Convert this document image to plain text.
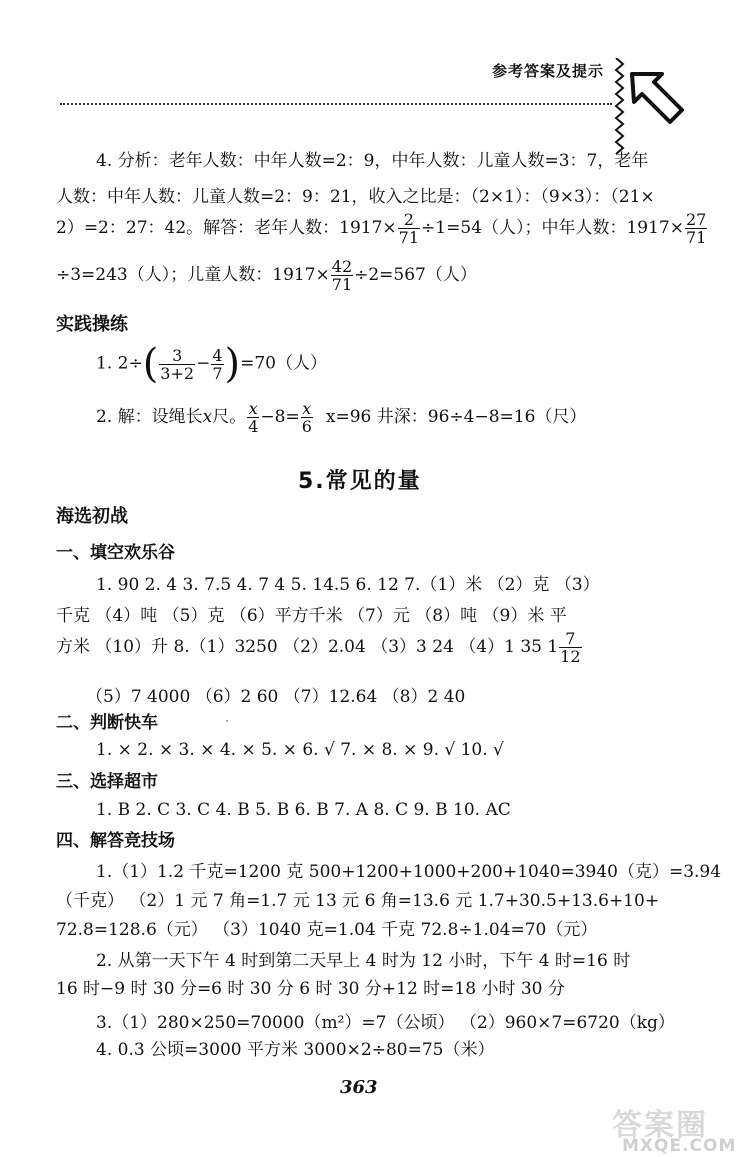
参考答案及提示
4. 分析：老年人数：中年人数=2：9，中年人数：儿童人数=3：7，老年
人数：中年人数：儿童人数=2：9：21，收入之比是：（2×1）：（9×3）：（21×
2）=2：27：42。解答：老年人数：$1917\times \frac{2}{71} \div 1=54$（人）；中年人数：$1917\times \frac{27}{71}$
÷3=243（人）；儿童人数：$1917\times \frac{42}{71} \div 2=567$（人）
实践操练
1. $2\div( \frac{3}{3+2} - \frac{4}{7} )=70$（人）
2. 解：设绳长x尺。 $\frac{x}{4} -8= \frac{x}{6} x=96$ 井深：96÷4−8=16（尺）
5.常见的量
海选初战
一、填空欢乐谷
1. 90 2. 4 3. 7.5 4. 7 4 5. 14.5 6. 12 7.（1）米 （2）克 （3）
千克 （4）吨 （5）克 （6）平方千米 （7）元 （8）吨 （9）米 平
方米 （10）升 8.（1）3250 （2）2.04 （3）3 24 （4）1 35 $1 \frac{7}{12}$
（5）7 4000 （6）2 60 （7）12.64 （8）2 40
二、判断快车
1. × 2. × 3. × 4. × 5. × 6. √ 7. × 8. × 9. √ 10. √
三、选择超市
1. B 2. C 3. C 4. B 5. B 6. B 7. A 8. C 9. B 10. AC
四、解答竞技场
1.（1）1.2 千克=1200 克 500+1200+1000+200+1040=3940（克）=3.94
（千克） （2）1 元 7 角=1.7 元 13 元 6 角=13.6 元 1.7+30.5+13.6+10+
72.8=128.6（元） （3）1040 克=1.04 千克 72.8÷1.04=70（元）
2. 从第一天下午 4 时到第二天早上 4 时为 12 小时，下午 4 时=16 时
16 时−9 时 30 分=6 时 30 分 6 时 30 分+12 时=18 小时 30 分
3.（1）280×250=70000（m²）=7（公顷） （2）960×7=6720（kg）
4. 0.3 公顷=3000 平方米 3000×2÷80=75（米）
363
答案圈
MXQE.COM
